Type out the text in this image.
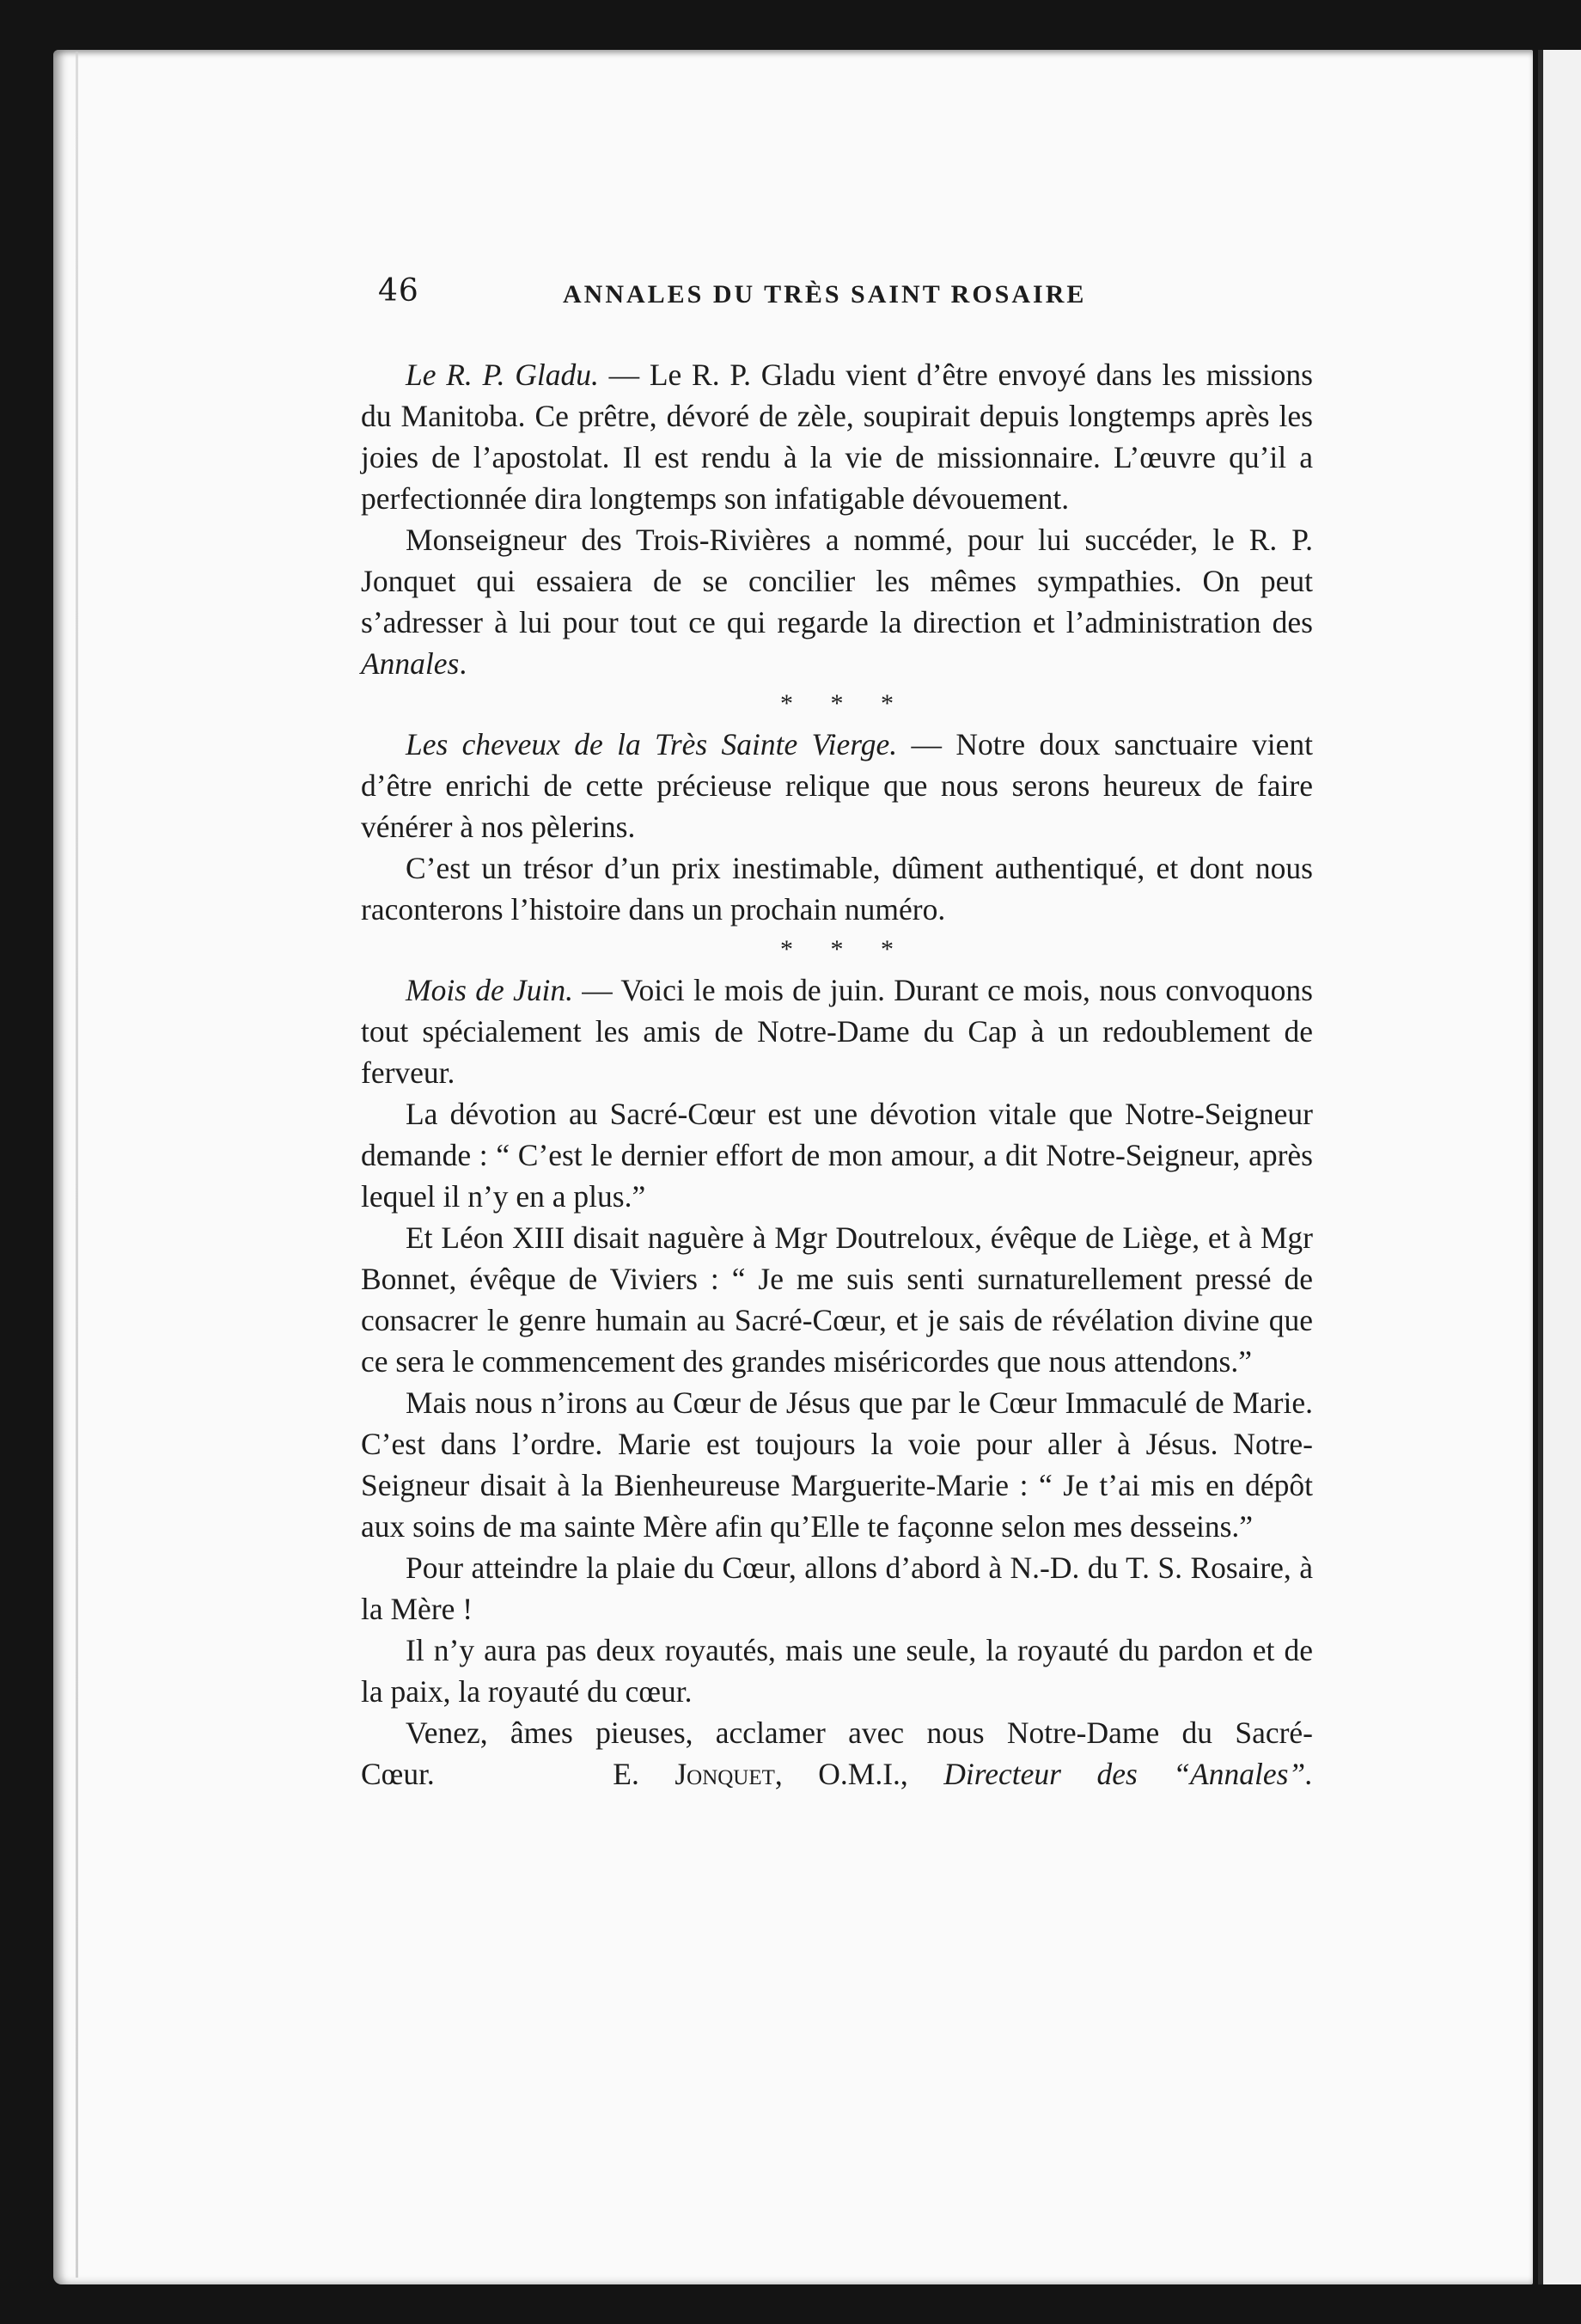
46	ANNALES DU TRÈS SAINT ROSAIRE

Le R. P. Gladu. — Le R. P. Gladu vient d’être envoyé dans les missions du Manitoba. Ce prêtre, dévoré de zèle, soupirait depuis longtemps après les joies de l’apostolat. Il est rendu à la vie de missionnaire. L’œuvre qu’il a perfectionnée dira longtemps son infatigable dévouement.

Monseigneur des Trois-Rivières a nommé, pour lui succéder, le R. P. Jonquet qui essaiera de se concilier les mêmes sympathies. On peut s’adresser à lui pour tout ce qui regarde la direction et l’administration des Annales.

* * *

Les cheveux de la Très Sainte Vierge. — Notre doux sanctuaire vient d’être enrichi de cette précieuse relique que nous serons heureux de faire vénérer à nos pèlerins.

C’est un trésor d’un prix inestimable, dûment authentiqué, et dont nous raconterons l’histoire dans un prochain numéro.

* * *

Mois de Juin. — Voici le mois de juin. Durant ce mois, nous convoquons tout spécialement les amis de Notre-Dame du Cap à un redoublement de ferveur.

La dévotion au Sacré-Cœur est une dévotion vitale que Notre-Seigneur demande : “ C’est le dernier effort de mon amour, a dit Notre-Seigneur, après lequel il n’y en a plus.”

Et Léon XIII disait naguère à Mgr Doutreloux, évêque de Liège, et à Mgr Bonnet, évêque de Viviers : “ Je me suis senti surnaturellement pressé de consacrer le genre humain au Sacré-Cœur, et je sais de révélation divine que ce sera le commencement des grandes miséricordes que nous attendons.”

Mais nous n’irons au Cœur de Jésus que par le Cœur Immaculé de Marie. C’est dans l’ordre. Marie est toujours la voie pour aller à Jésus. Notre-Seigneur disait à la Bienheureuse Marguerite-Marie : “ Je t’ai mis en dépôt aux soins de ma sainte Mère afin qu’Elle te façonne selon mes desseins.”

Pour atteindre la plaie du Cœur, allons d’abord à N.-D. du T. S. Rosaire, à la Mère !

Il n’y aura pas deux royautés, mais une seule, la royauté du pardon et de la paix, la royauté du cœur.

Venez, âmes pieuses, acclamer avec nous Notre-Dame du Sacré-Cœur.	E. Jonquet, O.M.I., Directeur des “Annales”.
